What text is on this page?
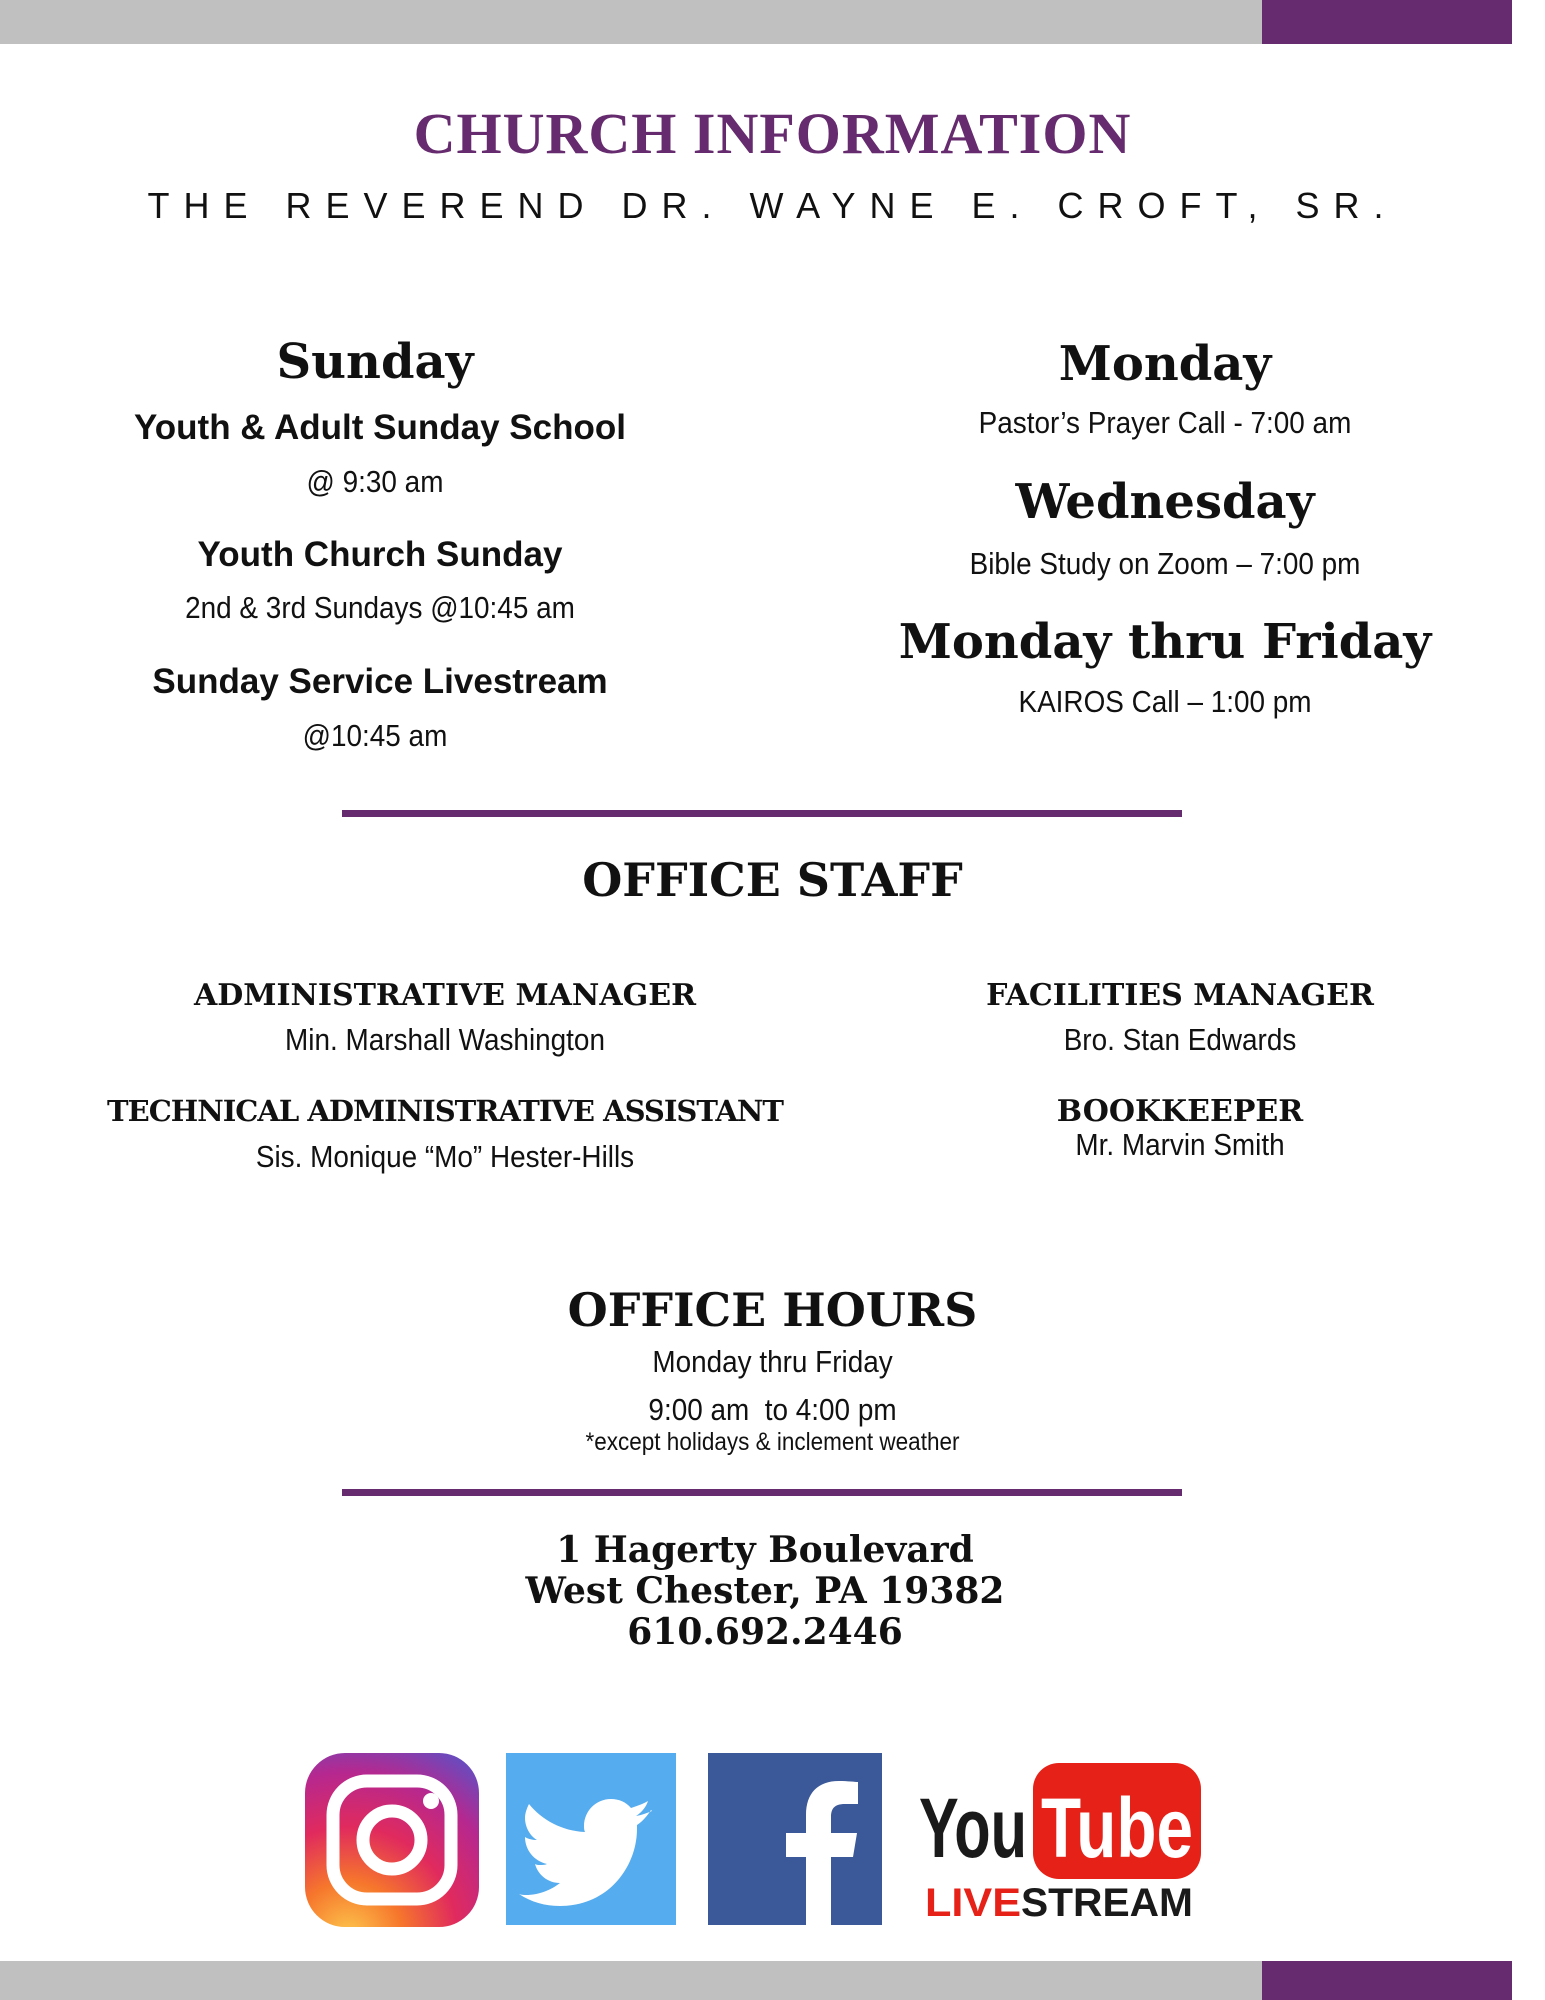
CHURCH INFORMATION
THE REVEREND DR. WAYNE E. CROFT, SR.
Sunday
Youth & Adult Sunday School
@ 9:30 am
Youth Church Sunday
2nd & 3rd Sundays @10:45 am
Sunday Service Livestream
@10:45 am
Monday
Pastor’s Prayer Call - 7:00 am
Wednesday
Bible Study on Zoom – 7:00 pm
Monday thru Friday
KAIROS Call – 1:00 pm
OFFICE STAFF
ADMINISTRATIVE MANAGER
Min. Marshall Washington
TECHNICAL ADMINISTRATIVE ASSISTANT
Sis. Monique “Mo” Hester-Hills
FACILITIES MANAGER
Bro. Stan Edwards
BOOKKEEPER
Mr. Marvin Smith
OFFICE HOURS
Monday thru Friday
9:00 am  to 4:00 pm
*except holidays & inclement weather
1 Hagerty Boulevard
West Chester, PA 19382
610.692.2446
You Tube
LIVE STREAM
